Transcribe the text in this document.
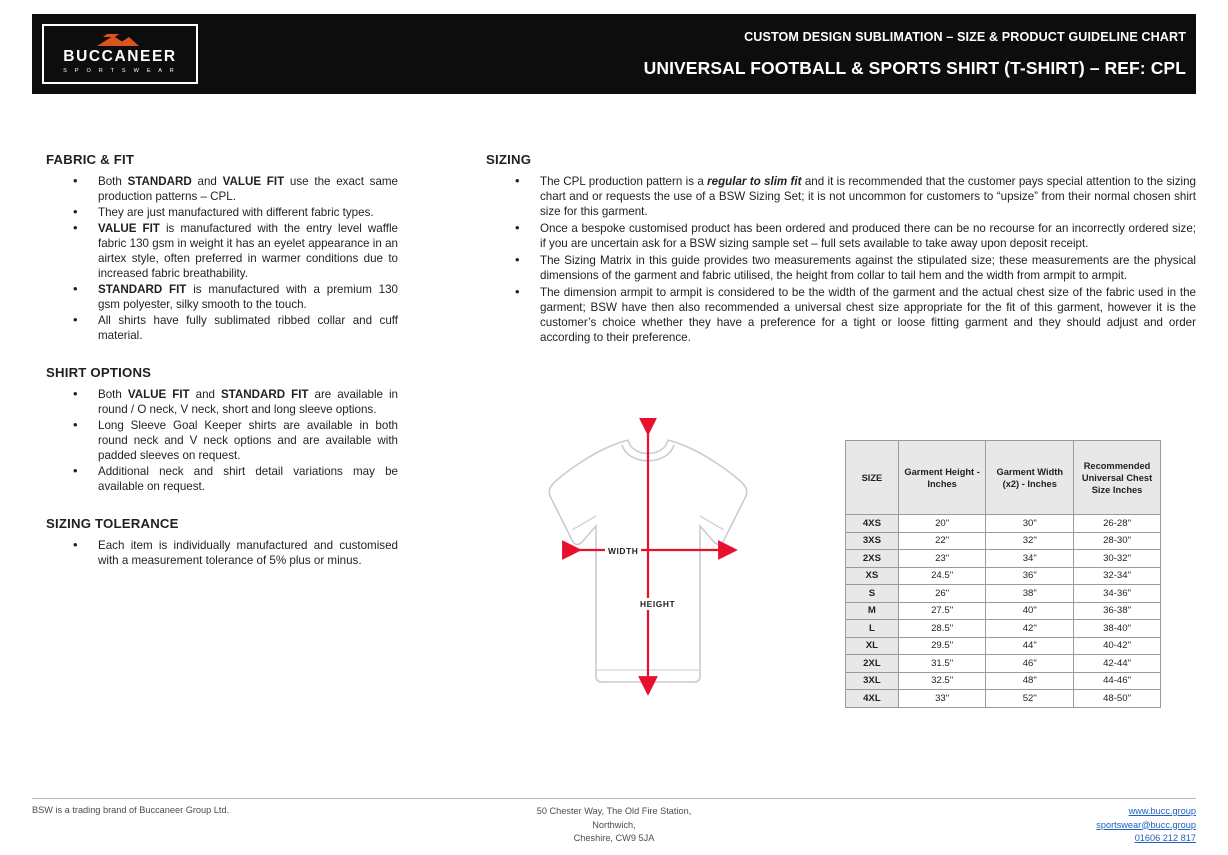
BUCCANEER
S P O R T S W E A R
CUSTOM DESIGN SUBLIMATION – SIZE & PRODUCT GUIDELINE CHART
UNIVERSAL FOOTBALL & SPORTS SHIRT (T-SHIRT) – REF: CPL
FABRIC & FIT
• Both STANDARD and VALUE FIT use the exact same production patterns – CPL.
• They are just manufactured with different fabric types.
• VALUE FIT is manufactured with the entry level waffle fabric 130 gsm in weight it has an eyelet appearance in an airtex style, often preferred in warmer conditions due to increased fabric breathability.
• STANDARD FIT is manufactured with a premium 130 gsm polyester, silky smooth to the touch.
• All shirts have fully sublimated ribbed collar and cuff material.
SHIRT OPTIONS
• Both VALUE FIT and STANDARD FIT are available in round / O neck, V neck, short and long sleeve options.
• Long Sleeve Goal Keeper shirts are available in both round neck and V neck options and are available with padded sleeves on request.
• Additional neck and shirt detail variations may be available on request.
SIZING TOLERANCE
• Each item is individually manufactured and customised with a measurement tolerance of 5% plus or minus.
SIZING
• The CPL production pattern is a regular to slim fit and it is recommended that the customer pays special attention to the sizing chart and or requests the use of a BSW Sizing Set; it is not uncommon for customers to “upsize” from their normal chosen shirt size for this garment.
• Once a bespoke customised product has been ordered and produced there can be no recourse for an incorrectly ordered size; if you are uncertain ask for a BSW sizing sample set – full sets available to take away upon deposit receipt.
• The Sizing Matrix in this guide provides two measurements against the stipulated size; these measurements are the physical dimensions of the garment and fabric utilised, the height from collar to tail hem and the width from armpit to armpit.
• The dimension armpit to armpit is considered to be the width of the garment and the actual chest size of the fabric used in the garment; BSW have then also recommended a universal chest size appropriate for the fit of this garment, however it is the customer’s choice whether they have a preference for a tight or loose fitting garment and they should adjust and order according to their preference.
WIDTH
HEIGHT
SIZE	Garment Height - Inches	Garment Width (x2) - Inches	Recommended Universal Chest Size Inches
4XS	20"	30"	26-28"
3XS	22"	32"	28-30"
2XS	23"	34"	30-32"
XS	24.5"	36"	32-34"
S	26"	38"	34-36"
M	27.5"	40"	36-38"
L	28.5"	42"	38-40"
XL	29.5"	44"	40-42"
2XL	31.5"	46"	42-44"
3XL	32.5"	48"	44-46"
4XL	33"	52"	48-50"
BSW is a trading brand of Buccaneer Group Ltd.	50 Chester Way, The Old Fire Station,
Northwich,
Cheshire, CW9 5JA
www.bucc.group
sportswear@bucc.group
01606 212 817
